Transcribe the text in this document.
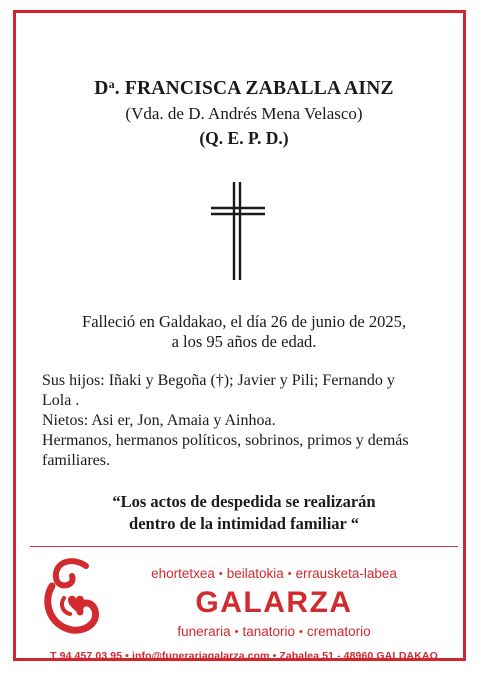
$D^a$. FRANCISCA ZABALLA AINZ
(Vda. de D. Andrés Mena Velasco)
(Q. E. P. D.)
Falleció en Galdakao, el día 26 de junio de 2025,
a los 95 años de edad.
Sus hijos: Iñaki y Begoña (†); Javier y Pili; Fernando y
Lola .
Nietos: Asi er, Jon, Amaia y Ainhoa.
Hermanos, hermanos políticos, sobrinos, primos y demás
familiares.
“Los actos de despedida se realizarán
dentro de la intimidad familiar “
ehortetxea • beilatokia • errausketa-labea
GALARZA
funeraria • tanatorio • crematorio
T 94 457 03 95 • info@funerariagalarza.com • Zabalea 51 - 48960 GALDAKAO
